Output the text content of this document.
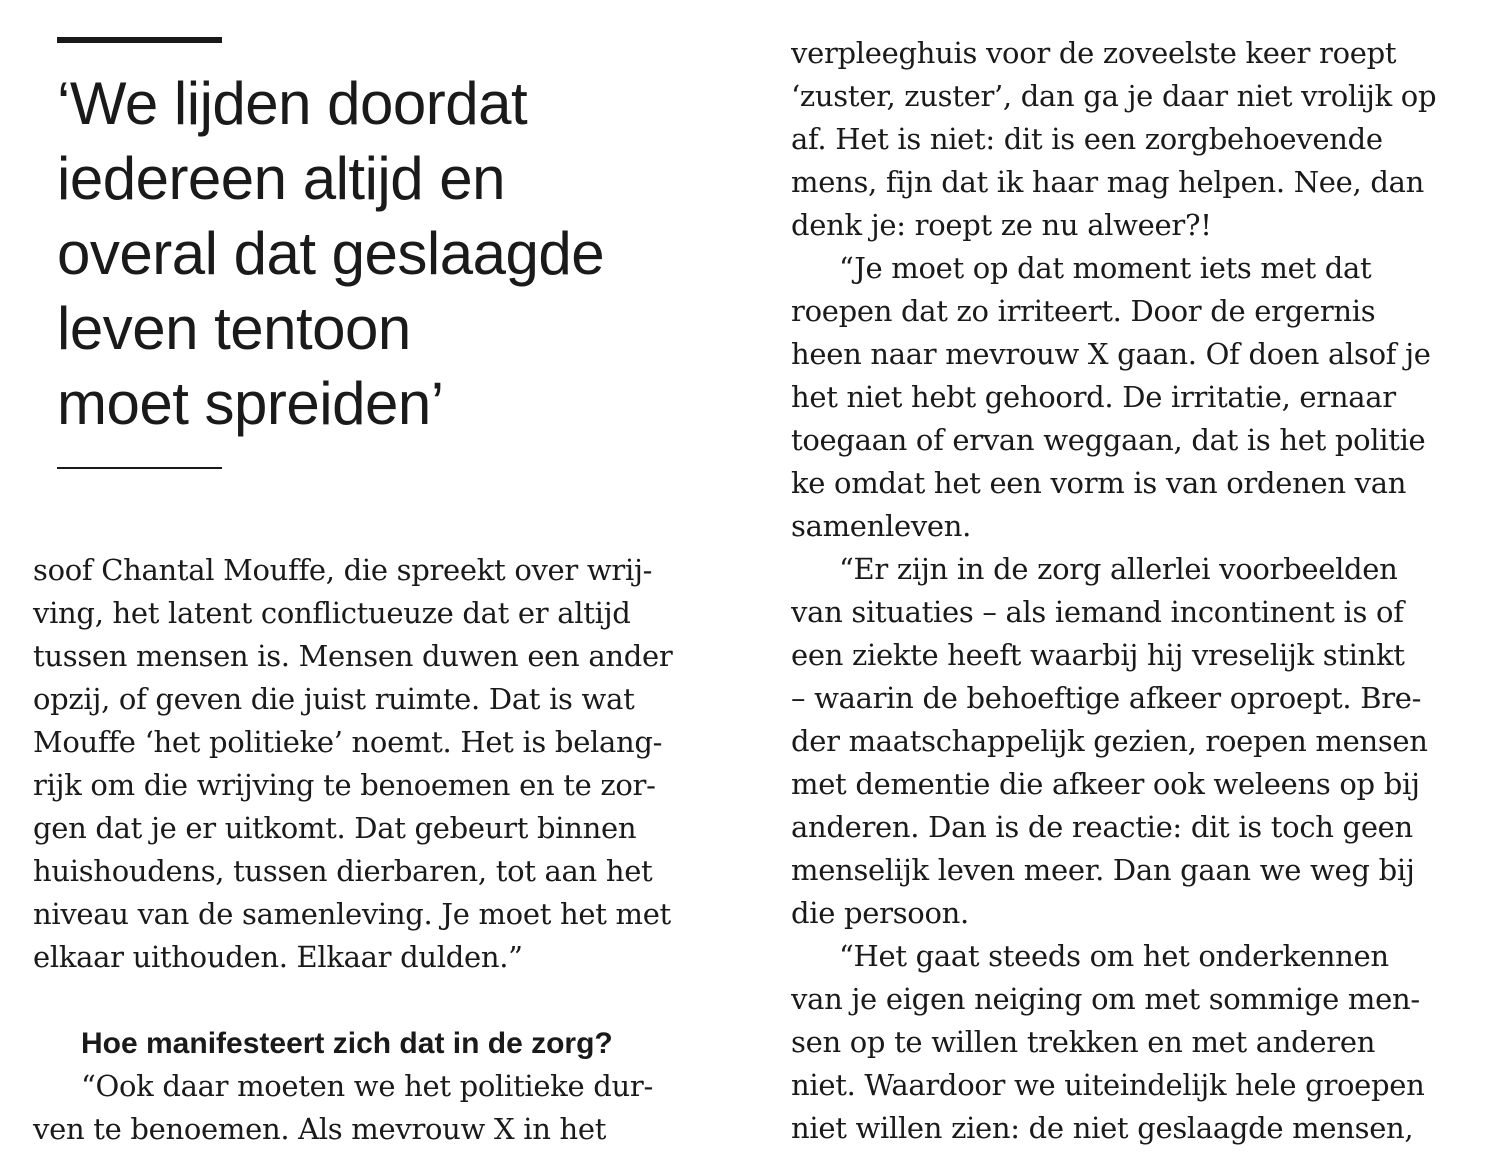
‘We lijden doordat
iedereen altijd en
overal dat geslaagde
leven tentoon
moet spreiden’
soof Chantal Mouffe, die spreekt over wrij-
ving, het latent conflictueuze dat er altijd
tussen mensen is. Mensen duwen een ander
opzij, of geven die juist ruimte. Dat is wat
Mouffe ‘het politieke’ noemt. Het is belang-
rijk om die wrijving te benoemen en te zor-
gen dat je er uitkomt. Dat gebeurt binnen
huishoudens, tussen dierbaren, tot aan het
niveau van de samenleving. Je moet het met
elkaar uithouden. Elkaar dulden.”
Hoe manifesteert zich dat in de zorg?
“Ook daar moeten we het politieke dur-
ven te benoemen. Als mevrouw X in het
verpleeghuis voor de zoveelste keer roept
‘zuster, zuster’, dan ga je daar niet vrolijk op
af. Het is niet: dit is een zorgbehoevende
mens, fijn dat ik haar mag helpen. Nee, dan
denk je: roept ze nu alweer?!
“Je moet op dat moment iets met dat
roepen dat zo irriteert. Door de ergernis
heen naar mevrouw X gaan. Of doen alsof je
het niet hebt gehoord. De irritatie, ernaar
toegaan of ervan weggaan, dat is het politie
ke omdat het een vorm is van ordenen van
samenleven.
“Er zijn in de zorg allerlei voorbeelden
van situaties – als iemand incontinent is of
een ziekte heeft waarbij hij vreselijk stinkt
– waarin de behoeftige afkeer oproept. Bre-
der maatschappelijk gezien, roepen mensen
met dementie die afkeer ook weleens op bij
anderen. Dan is de reactie: dit is toch geen
menselijk leven meer. Dan gaan we weg bij
die persoon.
“Het gaat steeds om het onderkennen
van je eigen neiging om met sommige men-
sen op te willen trekken en met anderen
niet. Waardoor we uiteindelijk hele groepen
niet willen zien: de niet geslaagde mensen,
